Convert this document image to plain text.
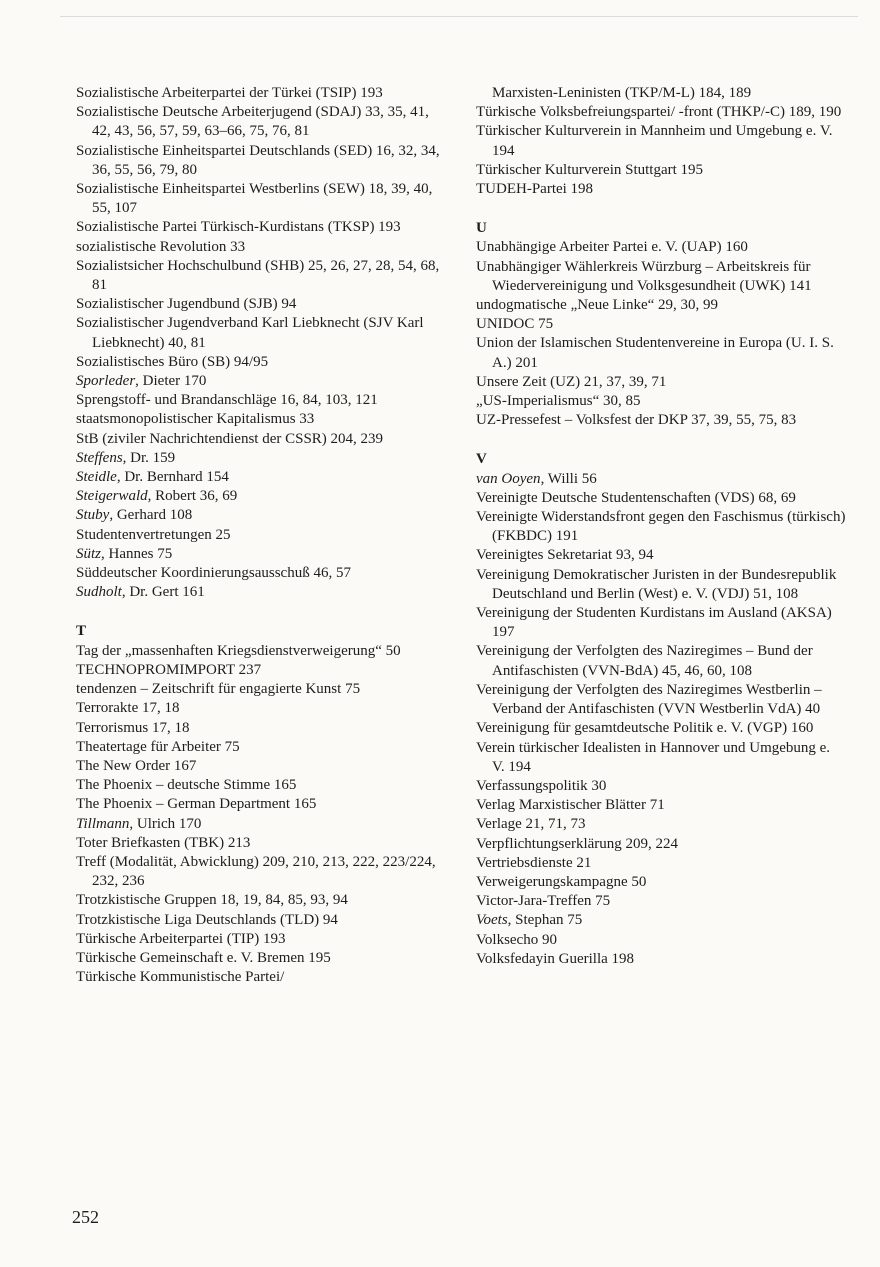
Sozialistische Arbeiterpartei der Türkei (TSIP) 193
Sozialistische Deutsche Arbeiterjugend (SDAJ) 33, 35, 41, 42, 43, 56, 57, 59, 63–66, 75, 76, 81
Sozialistische Einheitspartei Deutschlands (SED) 16, 32, 34, 36, 55, 56, 79, 80
Sozialistische Einheitspartei Westberlins (SEW) 18, 39, 40, 55, 107
Sozialistische Partei Türkisch-Kurdistans (TKSP) 193
sozialistische Revolution 33
Sozialistsicher Hochschulbund (SHB) 25, 26, 27, 28, 54, 68, 81
Sozialistischer Jugendbund (SJB) 94
Sozialistischer Jugendverband Karl Liebknecht (SJV Karl Liebknecht) 40, 81
Sozialistisches Büro (SB) 94/95
Sporleder, Dieter 170
Sprengstoff- und Brandanschläge 16, 84, 103, 121
staatsmonopolistischer Kapitalismus 33
StB (ziviler Nachrichtendienst der CSSR) 204, 239
Steffens, Dr. 159
Steidle, Dr. Bernhard 154
Steigerwald, Robert 36, 69
Stuby, Gerhard 108
Studentenvertretungen 25
Sütz, Hannes 75
Süddeutscher Koordinierungsausschuß 46, 57
Sudholt, Dr. Gert 161
T
Tag der „massenhaften Kriegsdienstverweigerung“ 50
TECHNOPROMIMPORT 237
tendenzen – Zeitschrift für engagierte Kunst 75
Terrorakte 17, 18
Terrorismus 17, 18
Theatertage für Arbeiter 75
The New Order 167
The Phoenix – deutsche Stimme 165
The Phoenix – German Department 165
Tillmann, Ulrich 170
Toter Briefkasten (TBK) 213
Treff (Modalität, Abwicklung) 209, 210, 213, 222, 223/224, 232, 236
Trotzkistische Gruppen 18, 19, 84, 85, 93, 94
Trotzkistische Liga Deutschlands (TLD) 94
Türkische Arbeiterpartei (TIP) 193
Türkische Gemeinschaft e. V. Bremen 195
Türkische Kommunistische Partei/
Marxisten-Leninisten (TKP/M-L) 184, 189
Türkische Volksbefreiungspartei/ -front (THKP/-C) 189, 190
Türkischer Kulturverein in Mannheim und Umgebung e. V. 194
Türkischer Kulturverein Stuttgart 195
TUDEH-Partei 198
U
Unabhängige Arbeiter Partei e. V. (UAP) 160
Unabhängiger Wählerkreis Würzburg – Arbeitskreis für Wiedervereinigung und Volksgesundheit (UWK) 141
undogmatische „Neue Linke“ 29, 30, 99
UNIDOC 75
Union der Islamischen Studentenvereine in Europa (U. I. S. A.) 201
Unsere Zeit (UZ) 21, 37, 39, 71
„US-Imperialismus“ 30, 85
UZ-Pressefest – Volksfest der DKP 37, 39, 55, 75, 83
V
van Ooyen, Willi 56
Vereinigte Deutsche Studentenschaften (VDS) 68, 69
Vereinigte Widerstandsfront gegen den Faschismus (türkisch) (FKBDC) 191
Vereinigtes Sekretariat 93, 94
Vereinigung Demokratischer Juristen in der Bundesrepublik Deutschland und Berlin (West) e. V. (VDJ) 51, 108
Vereinigung der Studenten Kurdistans im Ausland (AKSA) 197
Vereinigung der Verfolgten des Naziregimes – Bund der Antifaschisten (VVN-BdA) 45, 46, 60, 108
Vereinigung der Verfolgten des Naziregimes Westberlin – Verband der Antifaschisten (VVN Westberlin VdA) 40
Vereinigung für gesamtdeutsche Politik e. V. (VGP) 160
Verein türkischer Idealisten in Hannover und Umgebung e. V. 194
Verfassungspolitik 30
Verlag Marxistischer Blätter 71
Verlage 21, 71, 73
Verpflichtungserklärung 209, 224
Vertriebsdienste 21
Verweigerungskampagne 50
Victor-Jara-Treffen 75
Voets, Stephan 75
Volksecho 90
Volksfedayin Guerilla 198
252
